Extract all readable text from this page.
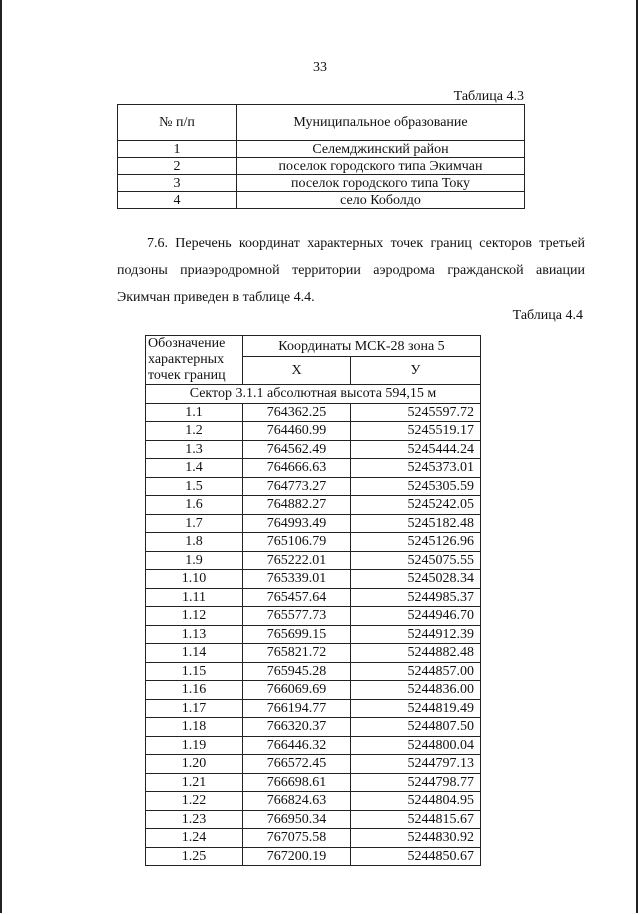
33
Таблица 4.3
№ п/п	Муниципальное образование
1	Селемджинский район
2	поселок городского типа Экимчан
3	поселок городского типа Току
4	село Коболдо
7.6. Перечень координат характерных точек границ секторов третьей подзоны приаэродромной территории аэродрома гражданской авиации Экимчан приведен в таблице 4.4.
Таблица 4.4
Обозначение характерных точек границ	Координаты МСК-28 зона 5	
	X	У
Сектор 3.1.1 абсолютная высота 594,15 м		
1.1	764362.25	5245597.72
1.2	764460.99	5245519.17
1.3	764562.49	5245444.24
1.4	764666.63	5245373.01
1.5	764773.27	5245305.59
1.6	764882.27	5245242.05
1.7	764993.49	5245182.48
1.8	765106.79	5245126.96
1.9	765222.01	5245075.55
1.10	765339.01	5245028.34
1.11	765457.64	5244985.37
1.12	765577.73	5244946.70
1.13	765699.15	5244912.39
1.14	765821.72	5244882.48
1.15	765945.28	5244857.00
1.16	766069.69	5244836.00
1.17	766194.77	5244819.49
1.18	766320.37	5244807.50
1.19	766446.32	5244800.04
1.20	766572.45	5244797.13
1.21	766698.61	5244798.77
1.22	766824.63	5244804.95
1.23	766950.34	5244815.67
1.24	767075.58	5244830.92
1.25	767200.19	5244850.67
